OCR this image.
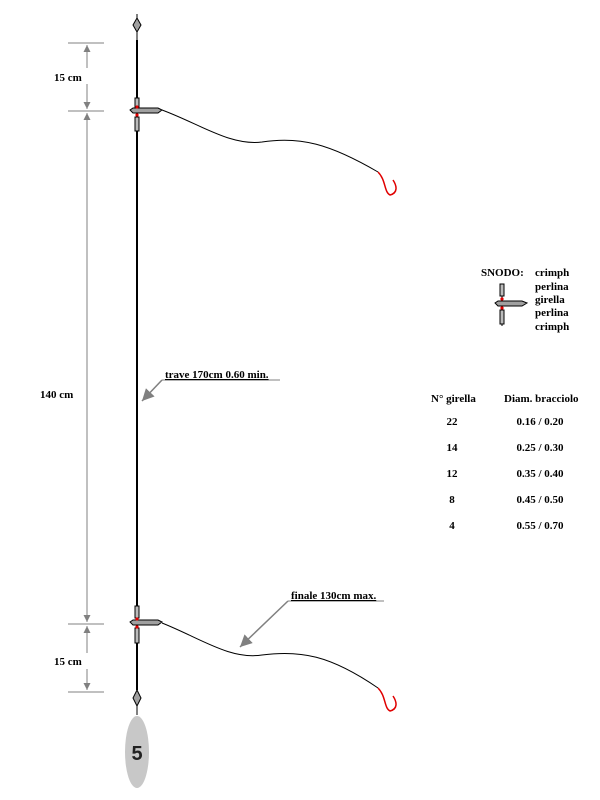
15 cm
140 cm
15 cm
5
trave 170cm 0.60 min.
finale 130cm max.
SNODO: crimph
perlina
girella
perlina
crimph
N° girella	Diam. bracciolo
22	0.16 / 0.20
14	0.25 / 0.30
12	0.35 / 0.40
8	0.45 / 0.50
4	0.55 / 0.70
